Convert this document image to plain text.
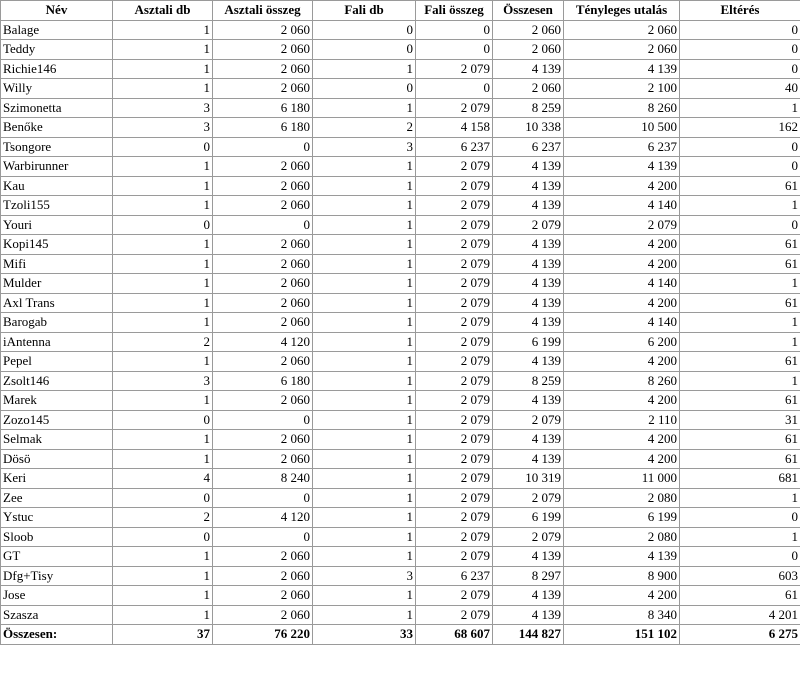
Név	Asztali db	Asztali összeg	Fali db	Fali összeg	Összesen	Tényleges utalás	Eltérés
Balage	1	2 060	0	0	2 060	2 060	0
Teddy	1	2 060	0	0	2 060	2 060	0
Richie146	1	2 060	1	2 079	4 139	4 139	0
Willy	1	2 060	0	0	2 060	2 100	40
Szimonetta	3	6 180	1	2 079	8 259	8 260	1
Benőke	3	6 180	2	4 158	10 338	10 500	162
Tsongore	0	0	3	6 237	6 237	6 237	0
Warbirunner	1	2 060	1	2 079	4 139	4 139	0
Kau	1	2 060	1	2 079	4 139	4 200	61
Tzoli155	1	2 060	1	2 079	4 139	4 140	1
Youri	0	0	1	2 079	2 079	2 079	0
Kopi145	1	2 060	1	2 079	4 139	4 200	61
Mifi	1	2 060	1	2 079	4 139	4 200	61
Mulder	1	2 060	1	2 079	4 139	4 140	1
Axl Trans	1	2 060	1	2 079	4 139	4 200	61
Barogab	1	2 060	1	2 079	4 139	4 140	1
iAntenna	2	4 120	1	2 079	6 199	6 200	1
Pepel	1	2 060	1	2 079	4 139	4 200	61
Zsolt146	3	6 180	1	2 079	8 259	8 260	1
Marek	1	2 060	1	2 079	4 139	4 200	61
Zozo145	0	0	1	2 079	2 079	2 110	31
Selmak	1	2 060	1	2 079	4 139	4 200	61
Dösö	1	2 060	1	2 079	4 139	4 200	61
Keri	4	8 240	1	2 079	10 319	11 000	681
Zee	0	0	1	2 079	2 079	2 080	1
Ystuc	2	4 120	1	2 079	6 199	6 199	0
Sloob	0	0	1	2 079	2 079	2 080	1
GT	1	2 060	1	2 079	4 139	4 139	0
Dfg+Tisy	1	2 060	3	6 237	8 297	8 900	603
Jose	1	2 060	1	2 079	4 139	4 200	61
Szasza	1	2 060	1	2 079	4 139	8 340	4 201
Összesen:	37	76 220	33	68 607	144 827	151 102	6 275
